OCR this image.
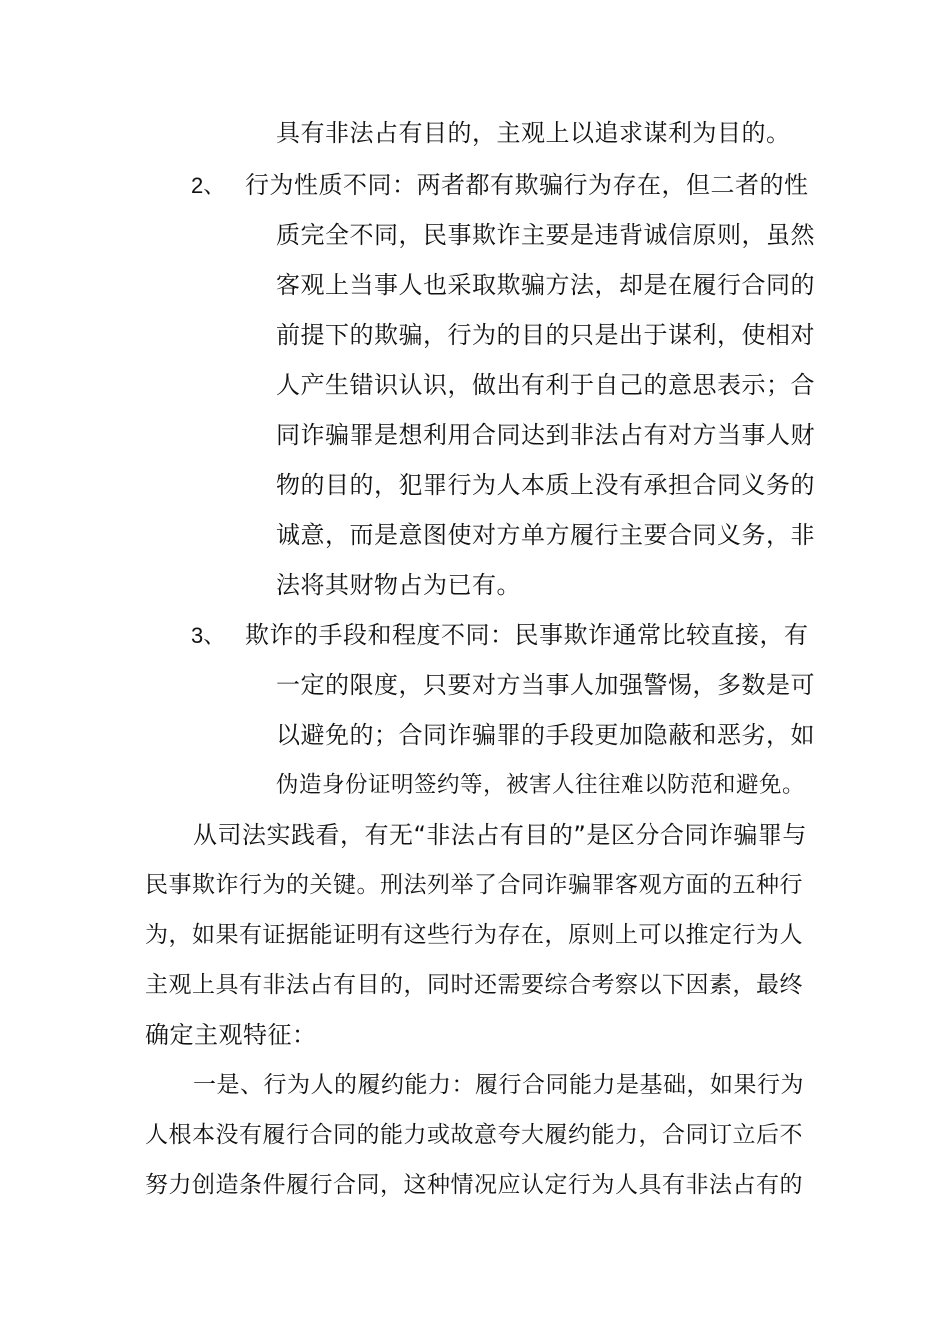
具有非法占有目的，主观上以追求谋利为目的。
2、 行为性质不同：两者都有欺骗行为存在，但二者的性
质完全不同，民事欺诈主要是违背诚信原则，虽然
客观上当事人也采取欺骗方法，却是在履行合同的
前提下的欺骗，行为的目的只是出于谋利，使相对
人产生错识认识，做出有利于自己的意思表示；合
同诈骗罪是想利用合同达到非法占有对方当事人财
物的目的，犯罪行为人本质上没有承担合同义务的
诚意，而是意图使对方单方履行主要合同义务，非
法将其财物占为已有。
3、 欺诈的手段和程度不同：民事欺诈通常比较直接，有
一定的限度，只要对方当事人加强警惕，多数是可
以避免的；合同诈骗罪的手段更加隐蔽和恶劣，如
伪造身份证明签约等，被害人往往难以防范和避免。
从司法实践看，有无“非法占有目的”是区分合同诈骗罪与
民事欺诈行为的关键。刑法列举了合同诈骗罪客观方面的五种行
为，如果有证据能证明有这些行为存在，原则上可以推定行为人
主观上具有非法占有目的，同时还需要综合考察以下因素，最终
确定主观特征：
一是、行为人的履约能力：履行合同能力是基础，如果行为
人根本没有履行合同的能力或故意夸大履约能力，合同订立后不
努力创造条件履行合同，这种情况应认定行为人具有非法占有的
